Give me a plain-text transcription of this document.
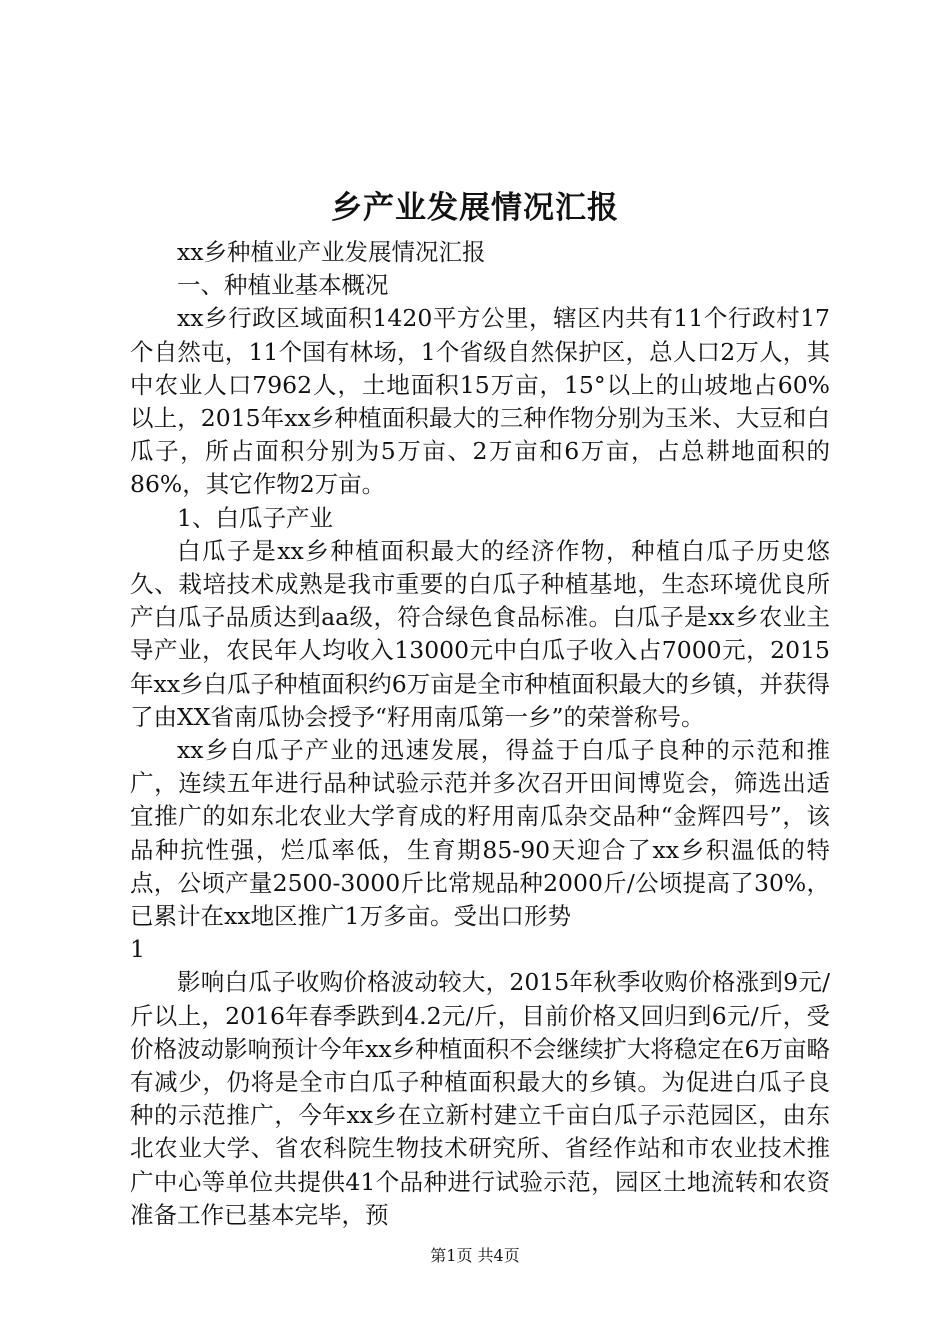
乡产业发展情况汇报

xx乡种植业产业发展情况汇报

一、种植业基本概况

xx乡行政区域面积1420平方公里，辖区内共有11个行政村17个自然屯，11个国有林场，1个省级自然保护区，总人口2万人，其中农业人口7962人，土地面积15万亩，15°以上的山坡地占60%以上，2015年xx乡种植面积最大的三种作物分别为玉米、大豆和白瓜子，所占面积分别为5万亩、2万亩和6万亩，占总耕地面积的86%，其它作物2万亩。

1、白瓜子产业

白瓜子是xx乡种植面积最大的经济作物，种植白瓜子历史悠久、栽培技术成熟是我市重要的白瓜子种植基地，生态环境优良所产白瓜子品质达到aa级，符合绿色食品标准。白瓜子是xx乡农业主导产业，农民年人均收入13000元中白瓜子收入占7000元，2015年xx乡白瓜子种植面积约6万亩是全市种植面积最大的乡镇，并获得了由XX省南瓜协会授予“籽用南瓜第一乡”的荣誉称号。

xx乡白瓜子产业的迅速发展，得益于白瓜子良种的示范和推广，连续五年进行品种试验示范并多次召开田间博览会，筛选出适宜推广的如东北农业大学育成的籽用南瓜杂交品种“金辉四号”，该品种抗性强，烂瓜率低，生育期85-90天迎合了xx乡积温低的特点，公顷产量2500-3000斤比常规品种2000斤/公顷提高了30%，已累计在xx地区推广1万多亩。受出口形势

1

影响白瓜子收购价格波动较大，2015年秋季收购价格涨到9元/斤以上，2016年春季跌到4.2元/斤，目前价格又回归到6元/斤，受价格波动影响预计今年xx乡种植面积不会继续扩大将稳定在6万亩略有减少，仍将是全市白瓜子种植面积最大的乡镇。为促进白瓜子良种的示范推广，今年xx乡在立新村建立千亩白瓜子示范园区，由东北农业大学、省农科院生物技术研究所、省经作站和市农业技术推广中心等单位共提供41个品种进行试验示范，园区土地流转和农资准备工作已基本完毕，预

第1页 共4页
